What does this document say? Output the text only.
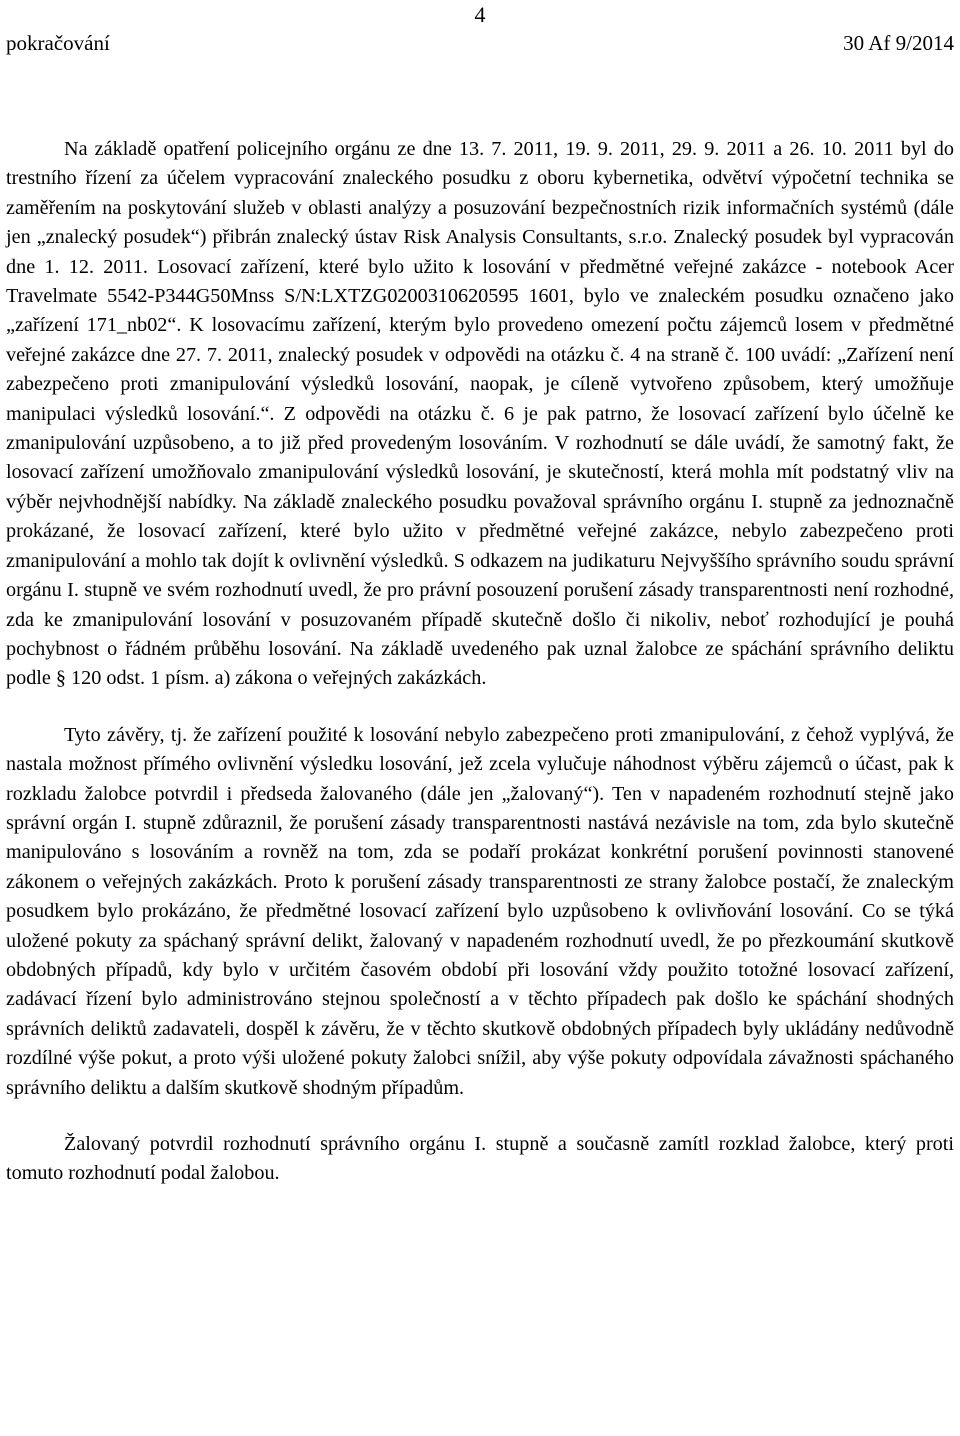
4
pokračování	30 Af 9/2014

Na základě opatření policejního orgánu ze dne 13. 7. 2011, 19. 9. 2011, 29. 9. 2011 a 26. 10. 2011 byl do trestního řízení za účelem vypracování znaleckého posudku z oboru kybernetika, odvětví výpočetní technika se zaměřením na poskytování služeb v oblasti analýzy a posuzování bezpečnostních rizik informačních systémů (dále jen „znalecký posudek“) přibrán znalecký ústav Risk Analysis Consultants, s.r.o. Znalecký posudek byl vypracován dne 1. 12. 2011. Losovací zařízení, které bylo užito k losování v předmětné veřejné zakázce - notebook Acer Travelmate 5542-P344G50Mnss S/N:LXTZG0200310620595 1601, bylo ve znaleckém posudku označeno jako „zařízení 171_nb02“. K losovacímu zařízení, kterým bylo provedeno omezení počtu zájemců losem v předmětné veřejné zakázce dne 27. 7. 2011, znalecký posudek v odpovědi na otázku č. 4 na straně č. 100 uvádí: „Zařízení není zabezpečeno proti zmanipulování výsledků losování, naopak, je cíleně vytvořeno způsobem, který umožňuje manipulaci výsledků losování.“. Z odpovědi na otázku č. 6 je pak patrno, že losovací zařízení bylo účelně ke zmanipulování uzpůsobeno, a to již před provedeným losováním. V rozhodnutí se dále uvádí, že samotný fakt, že losovací zařízení umožňovalo zmanipulování výsledků losování, je skutečností, která mohla mít podstatný vliv na výběr nejvhodnější nabídky. Na základě znaleckého posudku považoval správního orgánu I. stupně za jednoznačně prokázané, že losovací zařízení, které bylo užito v předmětné veřejné zakázce, nebylo zabezpečeno proti zmanipulování a mohlo tak dojít k ovlivnění výsledků. S odkazem na judikaturu Nejvyššího správního soudu správní orgánu I. stupně ve svém rozhodnutí uvedl, že pro právní posouzení porušení zásady transparentnosti není rozhodné, zda ke zmanipulování losování v posuzovaném případě skutečně došlo či nikoliv, neboť rozhodující je pouhá pochybnost o řádném průběhu losování. Na základě uvedeného pak uznal žalobce ze spáchání správního deliktu podle § 120 odst. 1 písm. a) zákona o veřejných zakázkách.

Tyto závěry, tj. že zařízení použité k losování nebylo zabezpečeno proti zmanipulování, z čehož vyplývá, že nastala možnost přímého ovlivnění výsledku losování, jež zcela vylučuje náhodnost výběru zájemců o účast, pak k rozkladu žalobce potvrdil i předseda žalovaného (dále jen „žalovaný“). Ten v napadeném rozhodnutí stejně jako správní orgán I. stupně zdůraznil, že porušení zásady transparentnosti nastává nezávisle na tom, zda bylo skutečně manipulováno s losováním a rovněž na tom, zda se podaří prokázat konkrétní porušení povinnosti stanovené zákonem o veřejných zakázkách. Proto k porušení zásady transparentnosti ze strany žalobce postačí, že znaleckým posudkem bylo prokázáno, že předmětné losovací zařízení bylo uzpůsobeno k ovlivňování losování. Co se týká uložené pokuty za spáchaný správní delikt, žalovaný v napadeném rozhodnutí uvedl, že po přezkoumání skutkově obdobných případů, kdy bylo v určitém časovém období při losování vždy použito totožné losovací zařízení, zadávací řízení bylo administrováno stejnou společností a v těchto případech pak došlo ke spáchání shodných správních deliktů zadavateli, dospěl k závěru, že v těchto skutkově obdobných případech byly ukládány nedůvodně rozdílné výše pokut, a proto výši uložené pokuty žalobci snížil, aby výše pokuty odpovídala závažnosti spáchaného správního deliktu a dalším skutkově shodným případům.

Žalovaný potvrdil rozhodnutí správního orgánu I. stupně a současně zamítl rozklad žalobce, který proti tomuto rozhodnutí podal žalobou.
